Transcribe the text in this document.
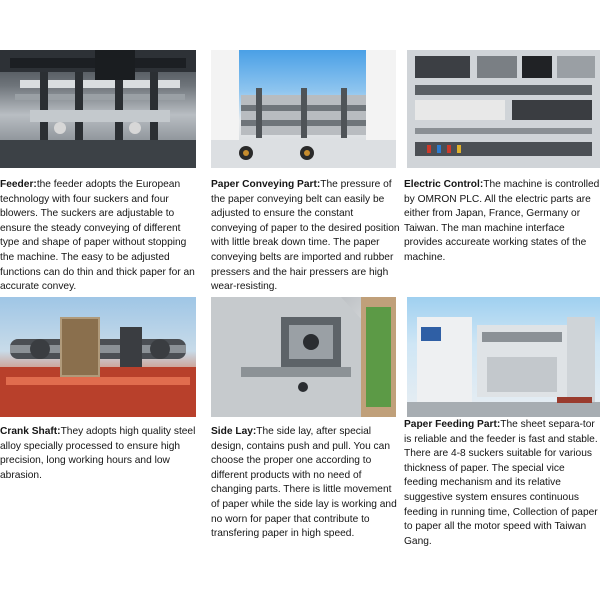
Feeder:the feeder adopts the European technology with four suckers and four blowers. The suckers are adjustable to ensure the steady conveying of different type and shape of paper without stopping the machine. The easy to be adjusted functions can do thin and thick paper for an accurate convey.
Paper Conveying Part:The pressure of the paper conveying belt can easily be adjusted to ensure the constant conveying of paper to the desired position with little break down time. The paper conveying belts are imported and rubber pressers and the hair pressers are high wear-resisting.
Electric Control:The machine is controlled by OMRON PLC. All the electric parts are either from Japan, France, Germany or Taiwan. The man machine interface provides accureate working states of the machine.
Crank Shaft:They adopts high quality steel alloy specially processed to ensure high precision, long working hours and low abrasion.
Side Lay:The side lay, after special design, contains push and pull. You can choose the proper one according to different products with no need of changing parts. There is little movement of paper while the side lay is working and no worn for paper that contribute to transfering paper in high speed.
Paper Feeding Part:The sheet separa-tor is reliable and the feeder is fast and stable. There are 4-8 suckers suitable for various thickness of paper. The special vice feeding mechanism and its relative suggestive system ensures continuous feeding in running time, Collection of paper to paper all the motor speed with Taiwan Gang.
